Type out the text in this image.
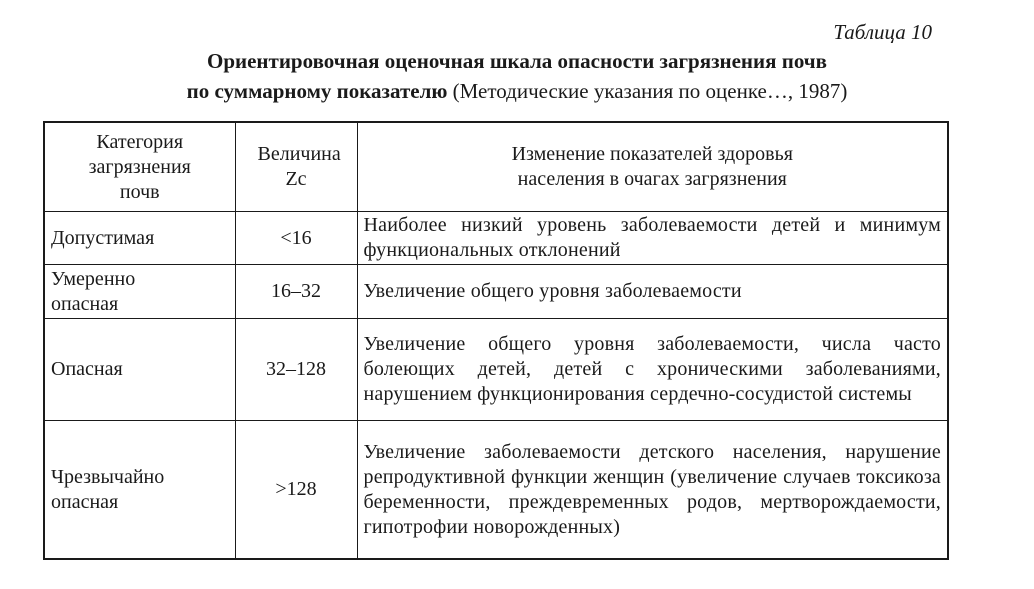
Таблица 10
Ориентировочная оценочная шкала опасности загрязнения почв
по суммарному показателю (Методические указания по оценке…, 1987)
Категория загрязнения почв	Величина Zc	Изменение показателей здоровья населения в очагах загрязнения
Допустимая	<16	Наиболее низкий уровень заболеваемости детей и минимум функциональных отклонений
Умеренно опасная	16–32	Увеличение общего уровня заболеваемости
Опасная	32–128	Увеличение общего уровня заболеваемости, числа часто болеющих детей, детей с хроническими заболеваниями, нарушением функционирования сердечно-сосудистой системы
Чрезвычайно опасная	>128	Увеличение заболеваемости детского населения, нарушение репродуктивной функции женщин (увеличение случаев токсикоза беременности, преждевременных родов, мертворождаемости, гипотрофии новорожденных)
